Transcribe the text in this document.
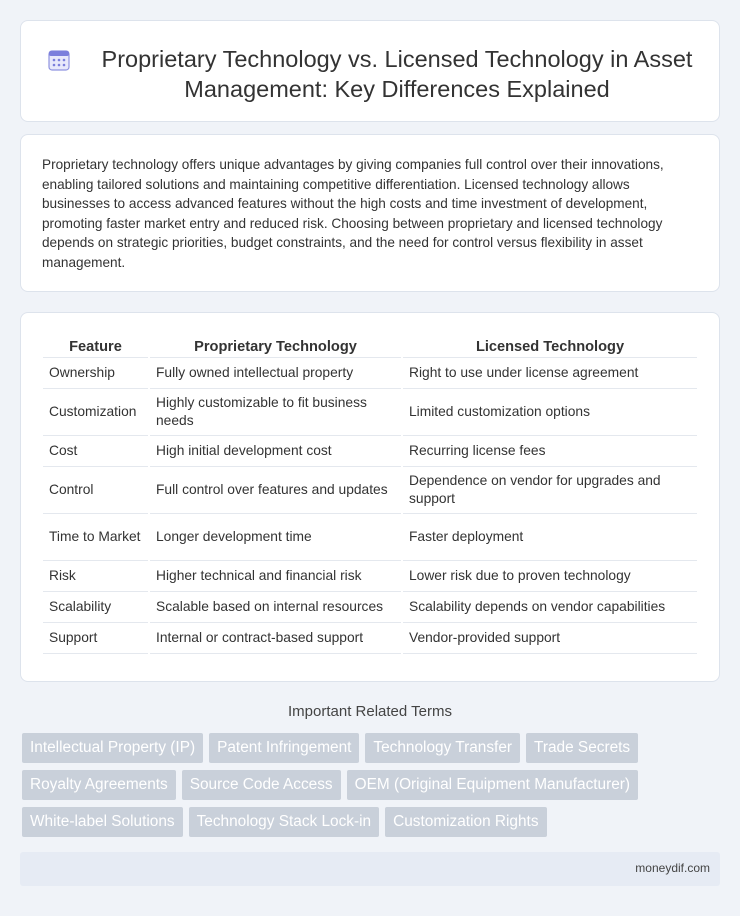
Proprietary Technology vs. Licensed Technology in Asset Management: Key Differences Explained

Proprietary technology offers unique advantages by giving companies full control over their innovations, enabling tailored solutions and maintaining competitive differentiation. Licensed technology allows businesses to access advanced features without the high costs and time investment of development, promoting faster market entry and reduced risk. Choosing between proprietary and licensed technology depends on strategic priorities, budget constraints, and the need for control versus flexibility in asset management.

Feature	Proprietary Technology	Licensed Technology
Ownership	Fully owned intellectual property	Right to use under license agreement
Customization	Highly customizable to fit business needs	Limited customization options
Cost	High initial development cost	Recurring license fees
Control	Full control over features and updates	Dependence on vendor for upgrades and support
Time to Market	Longer development time	Faster deployment
Risk	Higher technical and financial risk	Lower risk due to proven technology
Scalability	Scalable based on internal resources	Scalability depends on vendor capabilities
Support	Internal or contract-based support	Vendor-provided support
Important Related Terms
Intellectual Property (IP)	Patent Infringement	Technology Transfer	Trade Secrets
Royalty Agreements	Source Code Access	OEM (Original Equipment Manufacturer)
White-label Solutions	Technology Stack Lock-in	Customization Rights
moneydif.com
